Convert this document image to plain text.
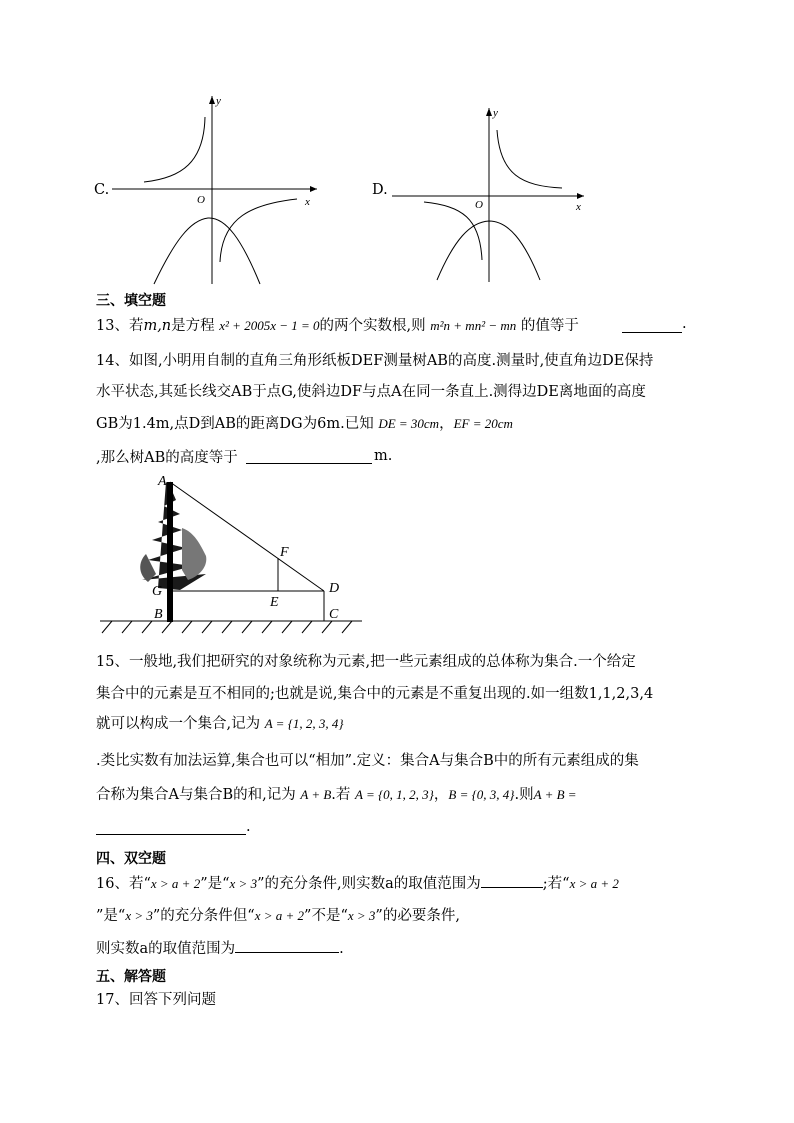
C.
y
x
O
D.
y
x
O
三、填空题
13、若m,n是方程 x² + 2005x − 1 = 0的两个实数根,则 m²n + mn² − mn 的值等于	.
14、如图,小明用自制的直角三角形纸板DEF测量树AB的高度.测量时,使直角边DE保持
水平状态,其延长线交AB于点G,使斜边DF与点A在同一条直上.测得边DE离地面的高度
GB为1.4m,点D到AB的距离DG为6m.已知 DE = 30cm，EF = 20cm
,那么树AB的高度等于	m.
A
F
G	D
E
B	C
15、一般地,我们把研究的对象统称为元素,把一些元素组成的总体称为集合.一个给定
集合中的元素是互不相同的;也就是说,集合中的元素是不重复出现的.如一组数1,1,2,3,4
就可以构成一个集合,记为 A = {1, 2, 3, 4}
.类比实数有加法运算,集合也可以“相加”.定义：集合A与集合B中的所有元素组成的集
合称为集合A与集合B的和,记为 A + B.若 A = {0, 1, 2, 3}，B = {0, 3, 4}.则A + B =
.
四、双空题
16、若“x > a + 2”是“x > 3”的充分条件,则实数a的取值范围为	;若“x > a + 2
”是“x > 3”的充分条件但“x > a + 2”不是“x > 3”的必要条件,
则实数a的取值范围为	.
五、解答题
17、回答下列问题
